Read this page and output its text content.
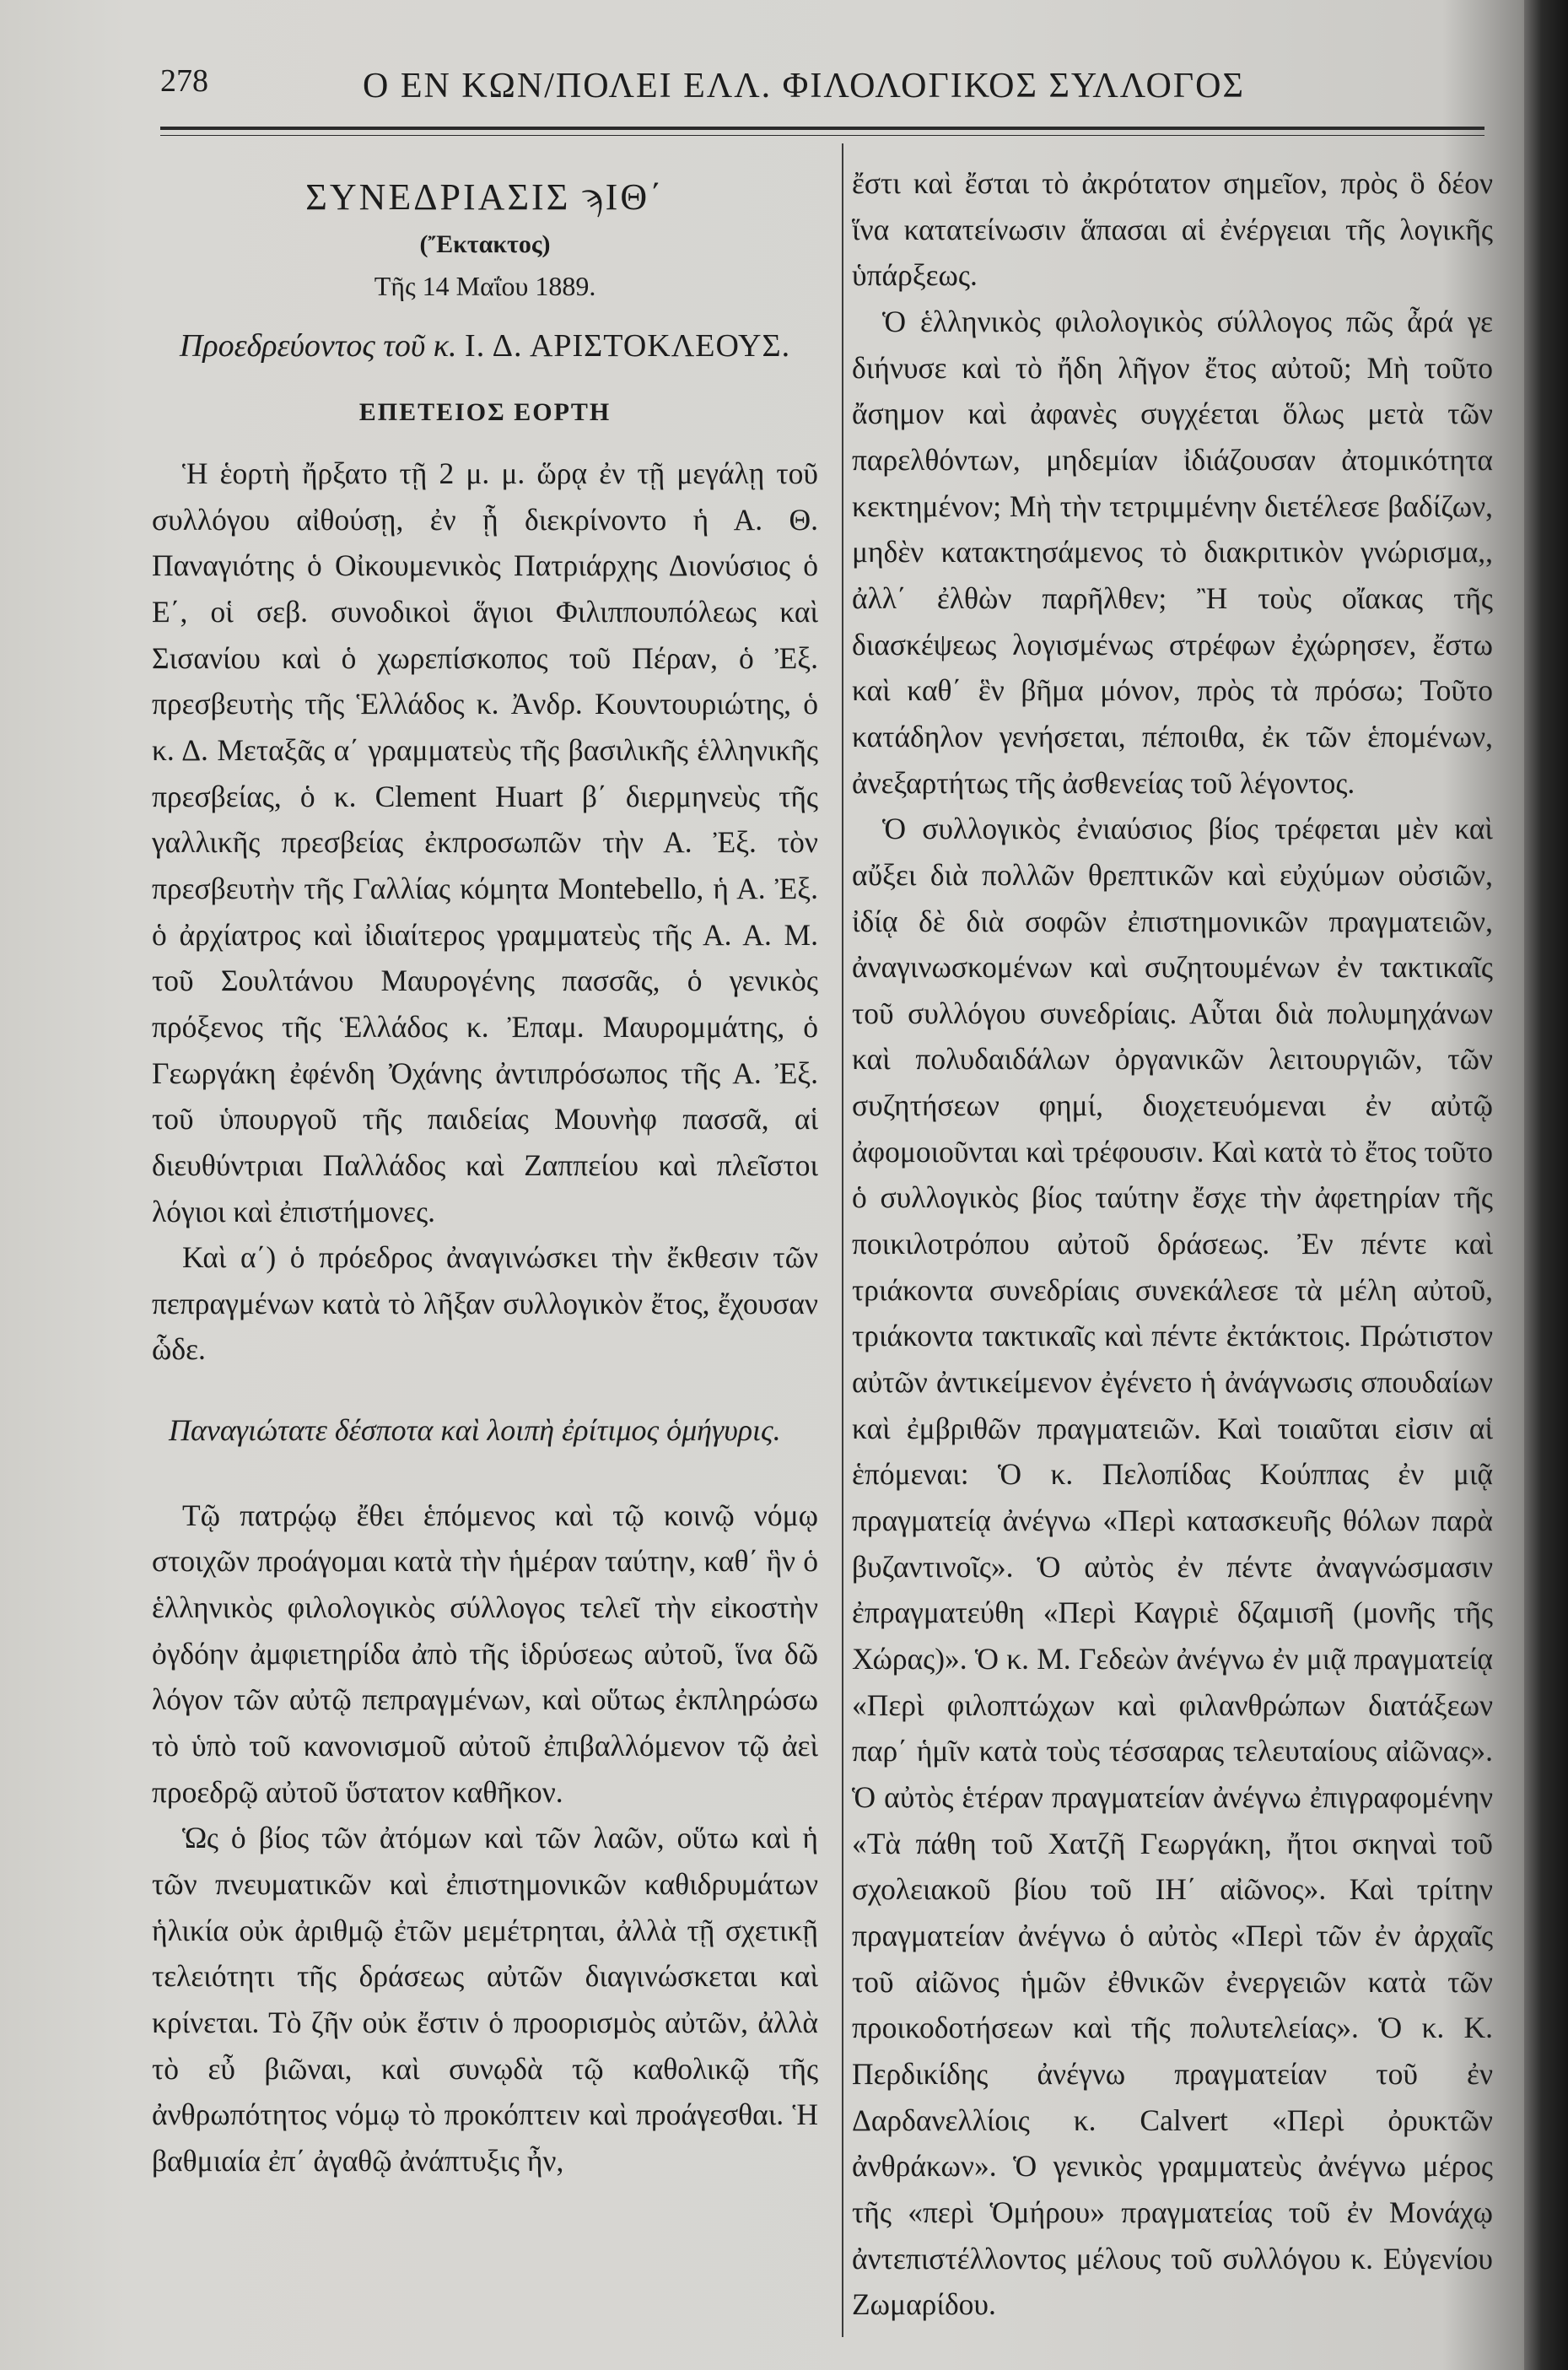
278	Ο ΕΝ ΚΩΝ/ΠΟΛΕΙ ΕΛΛ. ΦΙΛΟΛΟΓΙΚΟΣ ΣΥΛΛΟΓΟΣ
ΣΥΝΕΔΡΙΑΣΙΣ ϡΙΘ΄
(Ἔκτακτος)
Τῆς 14 Μαΐου 1889.
Προεδρεύοντος τοῦ κ. Ι. Δ. ΑΡΙΣΤΟΚΛΕΟΥΣ.
ΕΠΕΤΕΙΟΣ ΕΟΡΤΗ

Ἡ ἑορτὴ ἤρξατο τῇ 2 μ. μ. ὥρᾳ ἐν τῇ μεγάλῃ τοῦ συλλόγου αἰθούσῃ, ἐν ᾗ διεκρίνοντο ἡ Α. Θ. Παναγιότης ὁ Οἰκουμενικὸς Πατριάρχης Διονύσιος ὁ Ε΄, οἱ σεβ. συνοδικοὶ ἅγιοι Φιλιππουπόλεως καὶ Σισανίου καὶ ὁ χωρεπίσκοπος τοῦ Πέραν, ὁ Ἐξ. πρεσβευτὴς τῆς Ἑλλάδος κ. Ἀνδρ. Κουντουριώτης, ὁ κ. Δ. Μεταξᾶς α΄ γραμματεὺς τῆς βασιλικῆς ἑλληνικῆς πρεσβείας, ὁ κ. Clement Huart β΄ διερμηνεὺς τῆς γαλλικῆς πρεσβείας ἐκπροσωπῶν τὴν Α. Ἐξ. τὸν πρεσβευτὴν τῆς Γαλλίας κόμητα Montebello, ἡ Α. Ἐξ. ὁ ἀρχίατρος καὶ ἰδιαίτερος γραμματεὺς τῆς Α. Α. Μ. τοῦ Σουλτάνου Μαυρογένης πασσᾶς, ὁ γενικὸς πρόξενος τῆς Ἑλλάδος κ. Ἐπαμ. Μαυρομμάτης, ὁ Γεωργάκη ἐφένδη Ὀχάνης ἀντιπρόσωπος τῆς Α. Ἐξ. τοῦ ὑπουργοῦ τῆς παιδείας Μουνὴφ πασσᾶ, αἱ διευθύντριαι Παλλάδος καὶ Ζαππείου καὶ πλεῖστοι λόγιοι καὶ ἐπιστήμονες.

Καὶ α΄) ὁ πρόεδρος ἀναγινώσκει τὴν ἔκθεσιν τῶν πεπραγμένων κατὰ τὸ λῆξαν συλλογικὸν ἔτος, ἔχουσαν ὧδε.

Παναγιώτατε δέσποτα καὶ λοιπὴ ἐρίτιμος ὁμήγυρις.

Τῷ πατρῴῳ ἔθει ἑπόμενος καὶ τῷ κοινῷ νόμῳ στοιχῶν προάγομαι κατὰ τὴν ἡμέραν ταύτην, καθ΄ ἣν ὁ ἑλληνικὸς φιλολογικὸς σύλλογος τελεῖ τὴν εἰκοστὴν ὀγδόην ἀμφιετηρίδα ἀπὸ τῆς ἱδρύσεως αὐτοῦ, ἵνα δῶ λόγον τῶν αὐτῷ πεπραγμένων, καὶ οὕτως ἐκπληρώσω τὸ ὑπὸ τοῦ κανονισμοῦ αὐτοῦ ἐπιβαλλόμενον τῷ ἀεὶ προεδρῷ αὐτοῦ ὕστατον καθῆκον.

Ὡς ὁ βίος τῶν ἀτόμων καὶ τῶν λαῶν, οὕτω καὶ ἡ τῶν πνευματικῶν καὶ ἐπιστημονικῶν καθιδρυμάτων ἡλικία οὐκ ἀριθμῷ ἐτῶν μεμέτρηται, ἀλλὰ τῇ σχετικῇ τελειότητι τῆς δράσεως αὐτῶν διαγινώσκεται καὶ κρίνεται. Τὸ ζῆν οὐκ ἔστιν ὁ προορισμὸς αὐτῶν, ἀλλὰ τὸ εὖ βιῶναι, καὶ συνῳδὰ τῷ καθολικῷ τῆς ἀνθρωπότητος νόμῳ τὸ προκόπτειν καὶ προάγεσθαι. Ἡ βαθμιαία ἐπ΄ ἀγαθῷ ἀνάπτυξις ἦν,

ἔστι καὶ ἔσται τὸ ἀκρότατον σημεῖον, πρὸς ὃ δέον ἵνα κατατείνωσιν ἅπασαι αἱ ἐνέργειαι τῆς λογικῆς ὑπάρξεως.

Ὁ ἑλληνικὸς φιλολογικὸς σύλλογος πῶς ἆρά γε διήνυσε καὶ τὸ ἤδη λῆγον ἔτος αὐτοῦ; Μὴ τοῦτο ἄσημον καὶ ἀφανὲς συγχέεται ὅλως μετὰ τῶν παρελθόντων, μηδεμίαν ἰδιάζουσαν ἀτομικότητα κεκτημένον; Μὴ τὴν τετριμμένην διετέλεσε βαδίζων, μηδὲν κατακτησάμενος τὸ διακριτικὸν γνώρισμα,, ἀλλ΄ ἐλθὼν παρῆλθεν; Ἢ τοὺς οἴακας τῆς διασκέψεως λογισμένως στρέφων ἐχώρησεν, ἔστω καὶ καθ΄ ἓν βῆμα μόνον, πρὸς τὰ πρόσω; Τοῦτο κατάδηλον γενήσεται, πέποιθα, ἐκ τῶν ἑπομένων, ἀνεξαρτήτως τῆς ἀσθενείας τοῦ λέγοντος.

Ὁ συλλογικὸς ἐνιαύσιος βίος τρέφεται μὲν καὶ αὔξει διὰ πολλῶν θρεπτικῶν καὶ εὐχύμων οὐσιῶν, ἰδίᾳ δὲ διὰ σοφῶν ἐπιστημονικῶν πραγματειῶν, ἀναγινωσκομένων καὶ συζητουμένων ἐν τακτικαῖς τοῦ συλλόγου συνεδρίαις. Αὗται διὰ πολυμηχάνων καὶ πολυδαιδάλων ὀργανικῶν λειτουργιῶν, τῶν συζητήσεων φημί, διοχετευόμεναι ἐν αὐτῷ ἀφομοιοῦνται καὶ τρέφουσιν. Καὶ κατὰ τὸ ἔτος τοῦτο ὁ συλλογικὸς βίος ταύτην ἔσχε τὴν ἀφετηρίαν τῆς ποικιλοτρόπου αὐτοῦ δράσεως. Ἐν πέντε καὶ τριάκοντα συνεδρίαις συνεκάλεσε τὰ μέλη αὐτοῦ, τριάκοντα τακτικαῖς καὶ πέντε ἐκτάκτοις. Πρώτιστον αὐτῶν ἀντικείμενον ἐγένετο ἡ ἀνάγνωσις σπουδαίων καὶ ἐμβριθῶν πραγματειῶν. Καὶ τοιαῦται εἰσιν αἱ ἑπόμεναι: Ὁ κ. Πελοπίδας Κούππας ἐν μιᾷ πραγματείᾳ ἀνέγνω «Περὶ κατασκευῆς θόλων παρὰ βυζαντινοῖς». Ὁ αὐτὸς ἐν πέντε ἀναγνώσμασιν ἐπραγματεύθη «Περὶ Καγριὲ δζαμισῆ (μονῆς τῆς Χώρας)». Ὁ κ. Μ. Γεδεὼν ἀνέγνω ἐν μιᾷ πραγματείᾳ «Περὶ φιλοπτώχων καὶ φιλανθρώπων διατάξεων παρ΄ ἡμῖν κατὰ τοὺς τέσσαρας τελευταίους αἰῶνας». Ὁ αὐτὸς ἑτέραν πραγματείαν ἀνέγνω ἐπιγραφομένην «Τὰ πάθη τοῦ Χατζῆ Γεωργάκη, ἤτοι σκηναὶ τοῦ σχολειακοῦ βίου τοῦ ΙΗ΄ αἰῶνος». Καὶ τρίτην πραγματείαν ἀνέγνω ὁ αὐτὸς «Περὶ τῶν ἐν ἀρχαῖς τοῦ αἰῶνος ἡμῶν ἐθνικῶν ἐνεργειῶν κατὰ τῶν προικοδοτήσεων καὶ τῆς πολυτελείας». Ὁ κ. Κ. Περδικίδης ἀνέγνω πραγματείαν τοῦ ἐν Δαρδανελλίοις κ. Calvert «Περὶ ὀρυκτῶν ἀνθράκων». Ὁ γενικὸς γραμματεὺς ἀνέγνω μέρος τῆς «περὶ Ὁμήρου» πραγματείας τοῦ ἐν Μονάχῳ ἀντεπιστέλλοντος μέλους τοῦ συλλόγου κ. Εὐγενίου Ζωμαρίδου.
